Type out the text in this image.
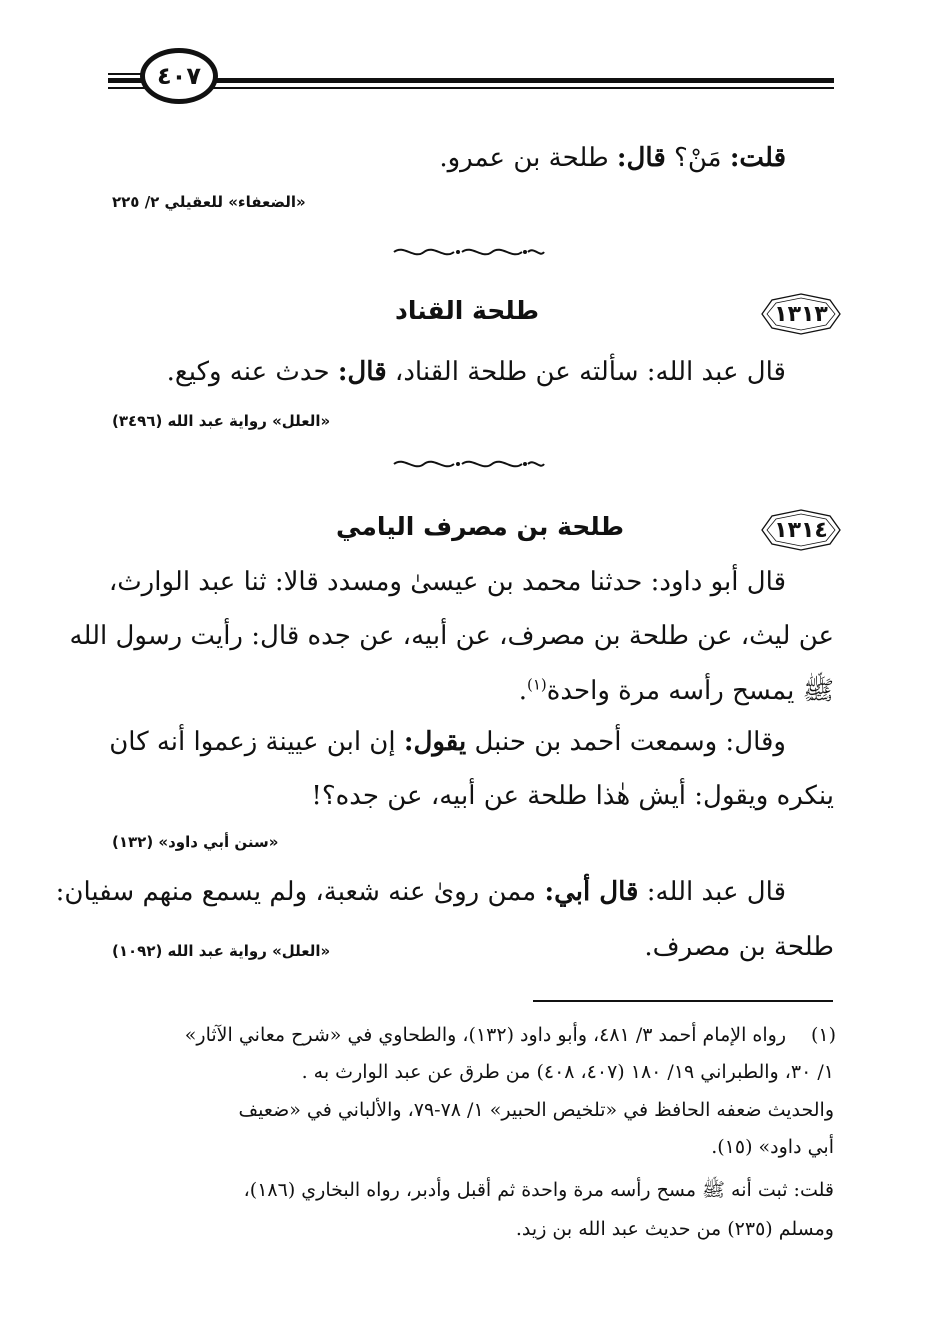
٤٠٧
قلت: مَنْ؟ قال: طلحة بن عمرو.
«الضعفاء» للعقيلي ٢/ ٢٢٥
١٣١٣
طلحة القناد
قال عبد الله: سألته عن طلحة القناد، قال: حدث عنه وكيع.
«العلل» رواية عبد الله (٣٤٩٦)
١٣١٤
طلحة بن مصرف اليامي
قال أبو داود: حدثنا محمد بن عيسىٰ ومسدد قالا: ثنا عبد الوارث،
عن ليث، عن طلحة بن مصرف، عن أبيه، عن جده قال: رأيت رسول الله
ﷺ يمسح رأسه مرة واحدة$^{(١)}$.
وقال: وسمعت أحمد بن حنبل يقول: إن ابن عيينة زعموا أنه كان
ينكره ويقول: أيش هٰذا طلحة عن أبيه، عن جده؟!
«سنن أبي داود» (١٣٢)
قال عبد الله: قال أبي: ممن روىٰ عنه شعبة، ولم يسمع منهم سفيان:
طلحة بن مصرف.
«العلل» رواية عبد الله (١٠٩٢)
(١)
رواه الإمام أحمد ٣/ ٤٨١، وأبو داود (١٣٢)، والطحاوي في «شرح معاني الآثار»
١/ ٣٠، والطبراني ١٩/ ١٨٠ (٤٠٧، ٤٠٨) من طرق عن عبد الوارث به .
والحديث ضعفه الحافظ في «تلخيص الحبير» ١/ ٧٨-٧٩، والألباني في «ضعيف
أبي داود» (١٥).
قلت: ثبت أنه ﷺ مسح رأسه مرة واحدة ثم أقبل وأدبر، رواه البخاري (١٨٦)،
ومسلم (٢٣٥) من حديث عبد الله بن زيد.
